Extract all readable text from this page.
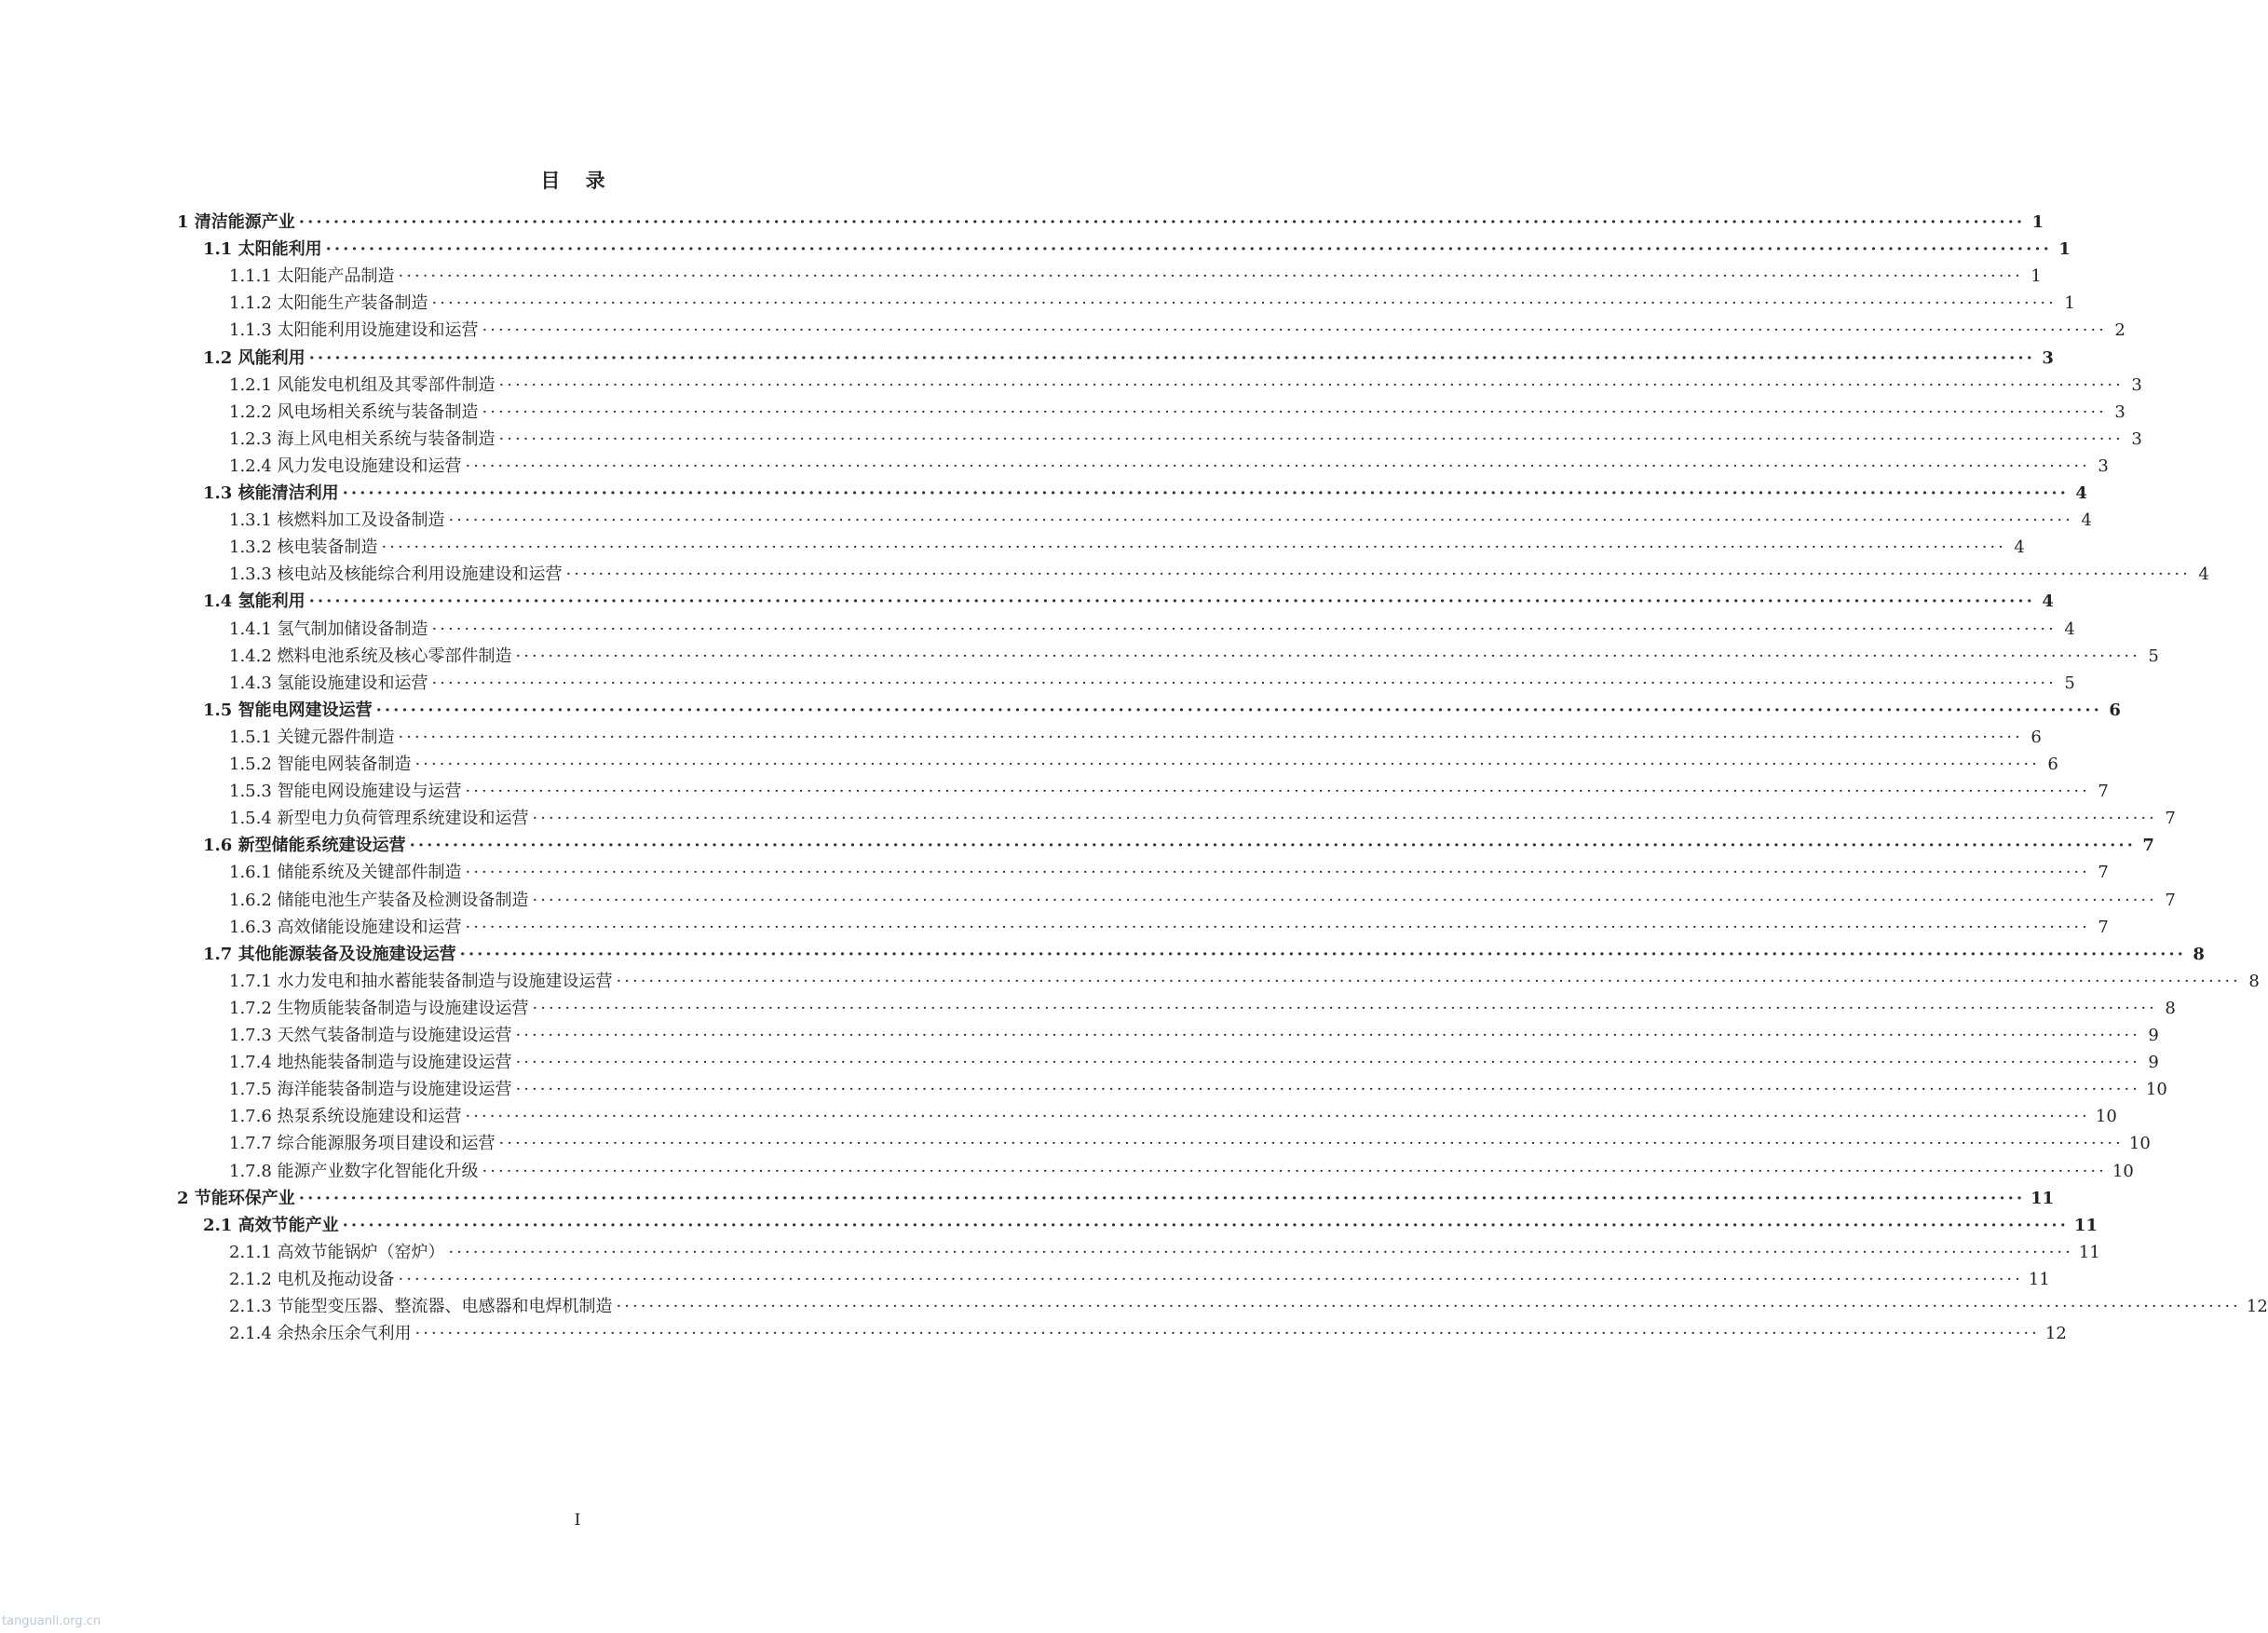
目 录
1 清洁能源产业 ········································································································································································································ 1
1.1 太阳能利用 ········································································································································································································ 1
1.1.1 太阳能产品制造 ········································································································································································································ 1
1.1.2 太阳能生产装备制造 ········································································································································································································ 1
1.1.3 太阳能利用设施建设和运营 ········································································································································································································ 2
1.2 风能利用 ········································································································································································································ 3
1.2.1 风能发电机组及其零部件制造 ········································································································································································································ 3
1.2.2 风电场相关系统与装备制造 ········································································································································································································ 3
1.2.3 海上风电相关系统与装备制造 ········································································································································································································ 3
1.2.4 风力发电设施建设和运营 ········································································································································································································ 3
1.3 核能清洁利用 ········································································································································································································ 4
1.3.1 核燃料加工及设备制造 ········································································································································································································ 4
1.3.2 核电装备制造 ········································································································································································································ 4
1.3.3 核电站及核能综合利用设施建设和运营 ········································································································································································································ 4
1.4 氢能利用 ········································································································································································································ 4
1.4.1 氢气制加储设备制造 ········································································································································································································ 4
1.4.2 燃料电池系统及核心零部件制造 ········································································································································································································ 5
1.4.3 氢能设施建设和运营 ········································································································································································································ 5
1.5 智能电网建设运营 ········································································································································································································ 6
1.5.1 关键元器件制造 ········································································································································································································ 6
1.5.2 智能电网装备制造 ········································································································································································································ 6
1.5.3 智能电网设施建设与运营 ········································································································································································································ 7
1.5.4 新型电力负荷管理系统建设和运营 ········································································································································································································ 7
1.6 新型储能系统建设运营 ········································································································································································································ 7
1.6.1 储能系统及关键部件制造 ········································································································································································································ 7
1.6.2 储能电池生产装备及检测设备制造 ········································································································································································································ 7
1.6.3 高效储能设施建设和运营 ········································································································································································································ 7
1.7 其他能源装备及设施建设运营 ········································································································································································································ 8
1.7.1 水力发电和抽水蓄能装备制造与设施建设运营 ········································································································································································································ 8
1.7.2 生物质能装备制造与设施建设运营 ········································································································································································································ 8
1.7.3 天然气装备制造与设施建设运营 ········································································································································································································ 9
1.7.4 地热能装备制造与设施建设运营 ········································································································································································································ 9
1.7.5 海洋能装备制造与设施建设运营 ········································································································································································································ 10
1.7.6 热泵系统设施建设和运营 ········································································································································································································ 10
1.7.7 综合能源服务项目建设和运营 ········································································································································································································ 10
1.7.8 能源产业数字化智能化升级 ········································································································································································································ 10
2 节能环保产业 ········································································································································································································ 11
2.1 高效节能产业 ········································································································································································································ 11
2.1.1 高效节能锅炉（窑炉） ········································································································································································································ 11
2.1.2 电机及拖动设备 ········································································································································································································ 11
2.1.3 节能型变压器、整流器、电感器和电焊机制造 ········································································································································································································ 12
2.1.4 余热余压余气利用 ········································································································································································································ 12
I
tanguanli.org.cn
